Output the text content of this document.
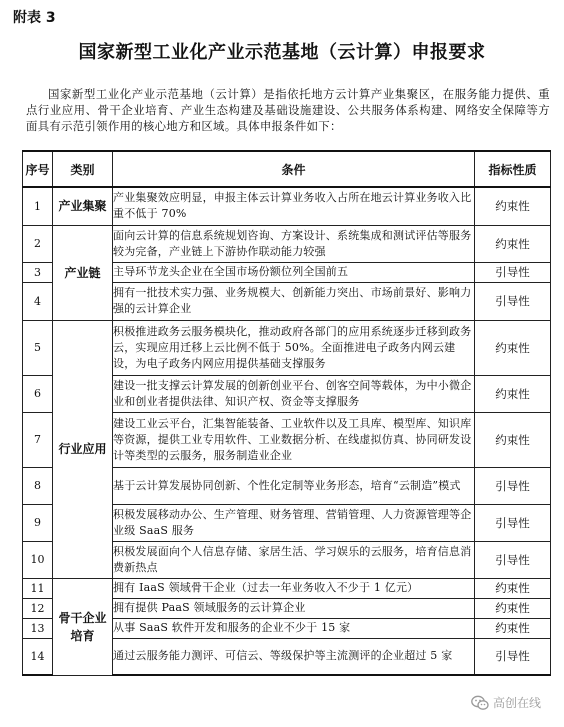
附表 3
国家新型工业化产业示范基地（云计算）申报要求
国家新型工业化产业示范基地（云计算）是指依托地方云计算产业集聚区，在服务能力提供、重点行业应用、骨干企业培育、产业生态构建及基础设施建设、公共服务体系构建、网络安全保障等方面具有示范引领作用的核心地方和区域。具体申报条件如下：
序号	类别	条件	指标性质
1	产业集聚	产业集聚效应明显，申报主体云计算业务收入占所在地云计算业务收入比重不低于 70%	约束性
2	产业链	面向云计算的信息系统规划咨询、方案设计、系统集成和测试评估等服务较为完备，产业链上下游协作联动能力较强	约束性
3		主导环节龙头企业在全国市场份额位列全国前五	引导性
4		拥有一批技术实力强、业务规模大、创新能力突出、市场前景好、影响力强的云计算企业	引导性
5	行业应用	积极推进政务云服务模块化，推动政府各部门的应用系统逐步迁移到政务云，实现应用迁移上云比例不低于 50%。全面推进电子政务内网云建设，为电子政务内网应用提供基础支撑服务	约束性
6		建设一批支撑云计算发展的创新创业平台、创客空间等载体，为中小微企业和创业者提供法律、知识产权、资金等支撑服务	约束性
7		建设工业云平台，汇集智能装备、工业软件以及工具库、模型库、知识库等资源，提供工业专用软件、工业数据分析、在线虚拟仿真、协同研发设计等类型的云服务，服务制造业企业	约束性
8		基于云计算发展协同创新、个性化定制等业务形态，培育“云制造”模式	引导性
9		积极发展移动办公、生产管理、财务管理、营销管理、人力资源管理等企业级 SaaS 服务	引导性
10		积极发展面向个人信息存储、家居生活、学习娱乐的云服务，培育信息消费新热点	引导性
11	骨干企业培育	拥有 IaaS 领域骨干企业（过去一年业务收入不少于 1 亿元）	约束性
12		拥有提供 PaaS 领域服务的云计算企业	约束性
13		从事 SaaS 软件开发和服务的企业不少于 15 家	约束性
14		通过云服务能力测评、可信云、等级保护等主流测评的企业超过 5 家	引导性
高创在线
